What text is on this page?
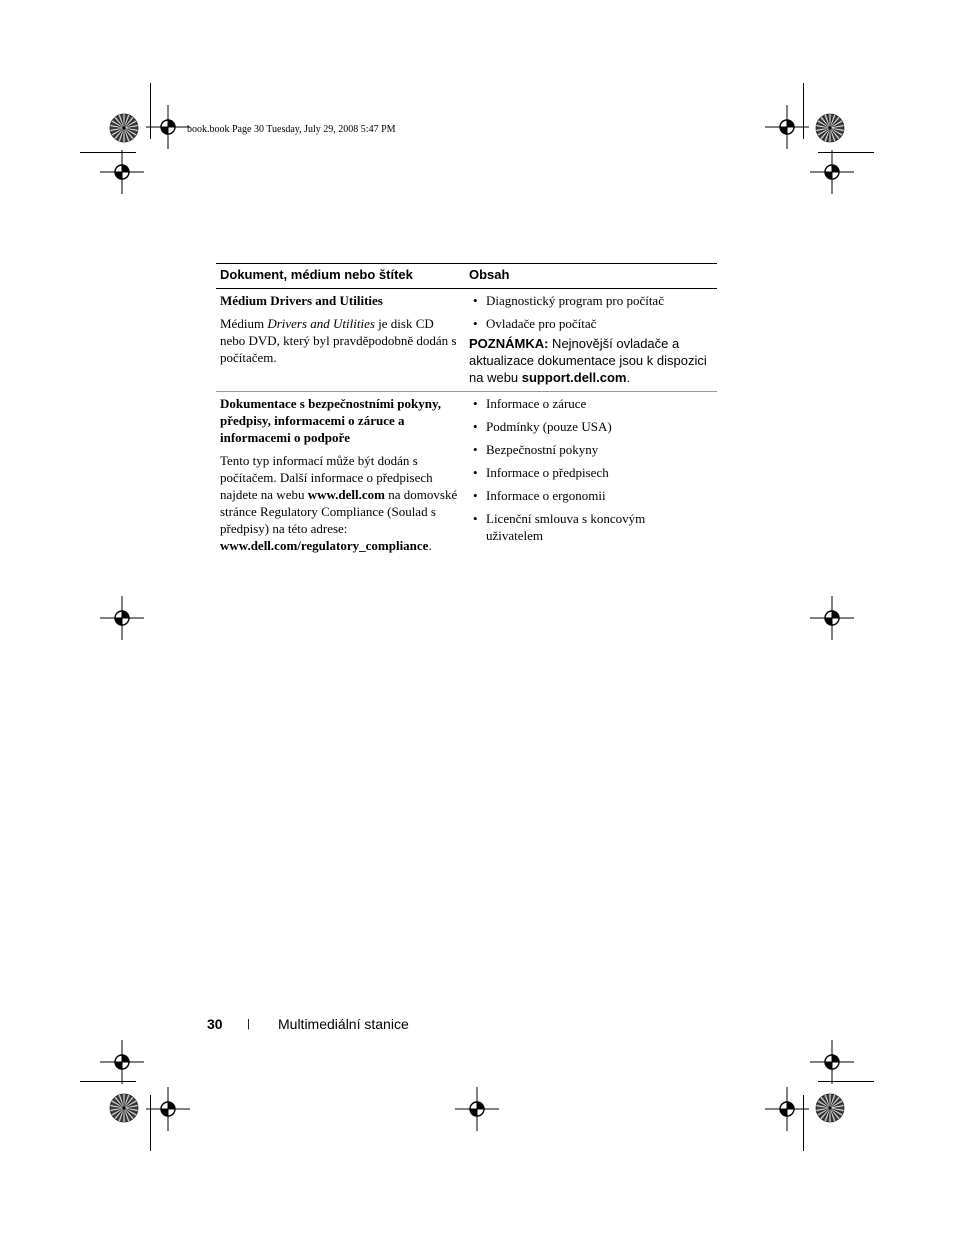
book.book Page 30 Tuesday, July 29, 2008 5:47 PM
Dokument, médium nebo štítek	Obsah

Médium Drivers and Utilities

Médium Drivers and Utilities je disk CD nebo DVD, který byl pravděpodobně dodán s počítačem.

• Diagnostický program pro počítač
• Ovladače pro počítač
POZNÁMKA: Nejnovější ovladače a aktualizace dokumentace jsou k dispozici na webu support.dell.com.

Dokumentace s bezpečnostními pokyny, předpisy, informacemi o záruce a informacemi o podpoře

Tento typ informací může být dodán s počítačem. Další informace o předpisech najdete na webu www.dell.com na domovské stránce Regulatory Compliance (Soulad s předpisy) na této adrese: www.dell.com/regulatory_compliance.

• Informace o záruce
• Podmínky (pouze USA)
• Bezpečnostní pokyny
• Informace o předpisech
• Informace o ergonomii
• Licenční smlouva s koncovým uživatelem
30 | Multimediální stanice
